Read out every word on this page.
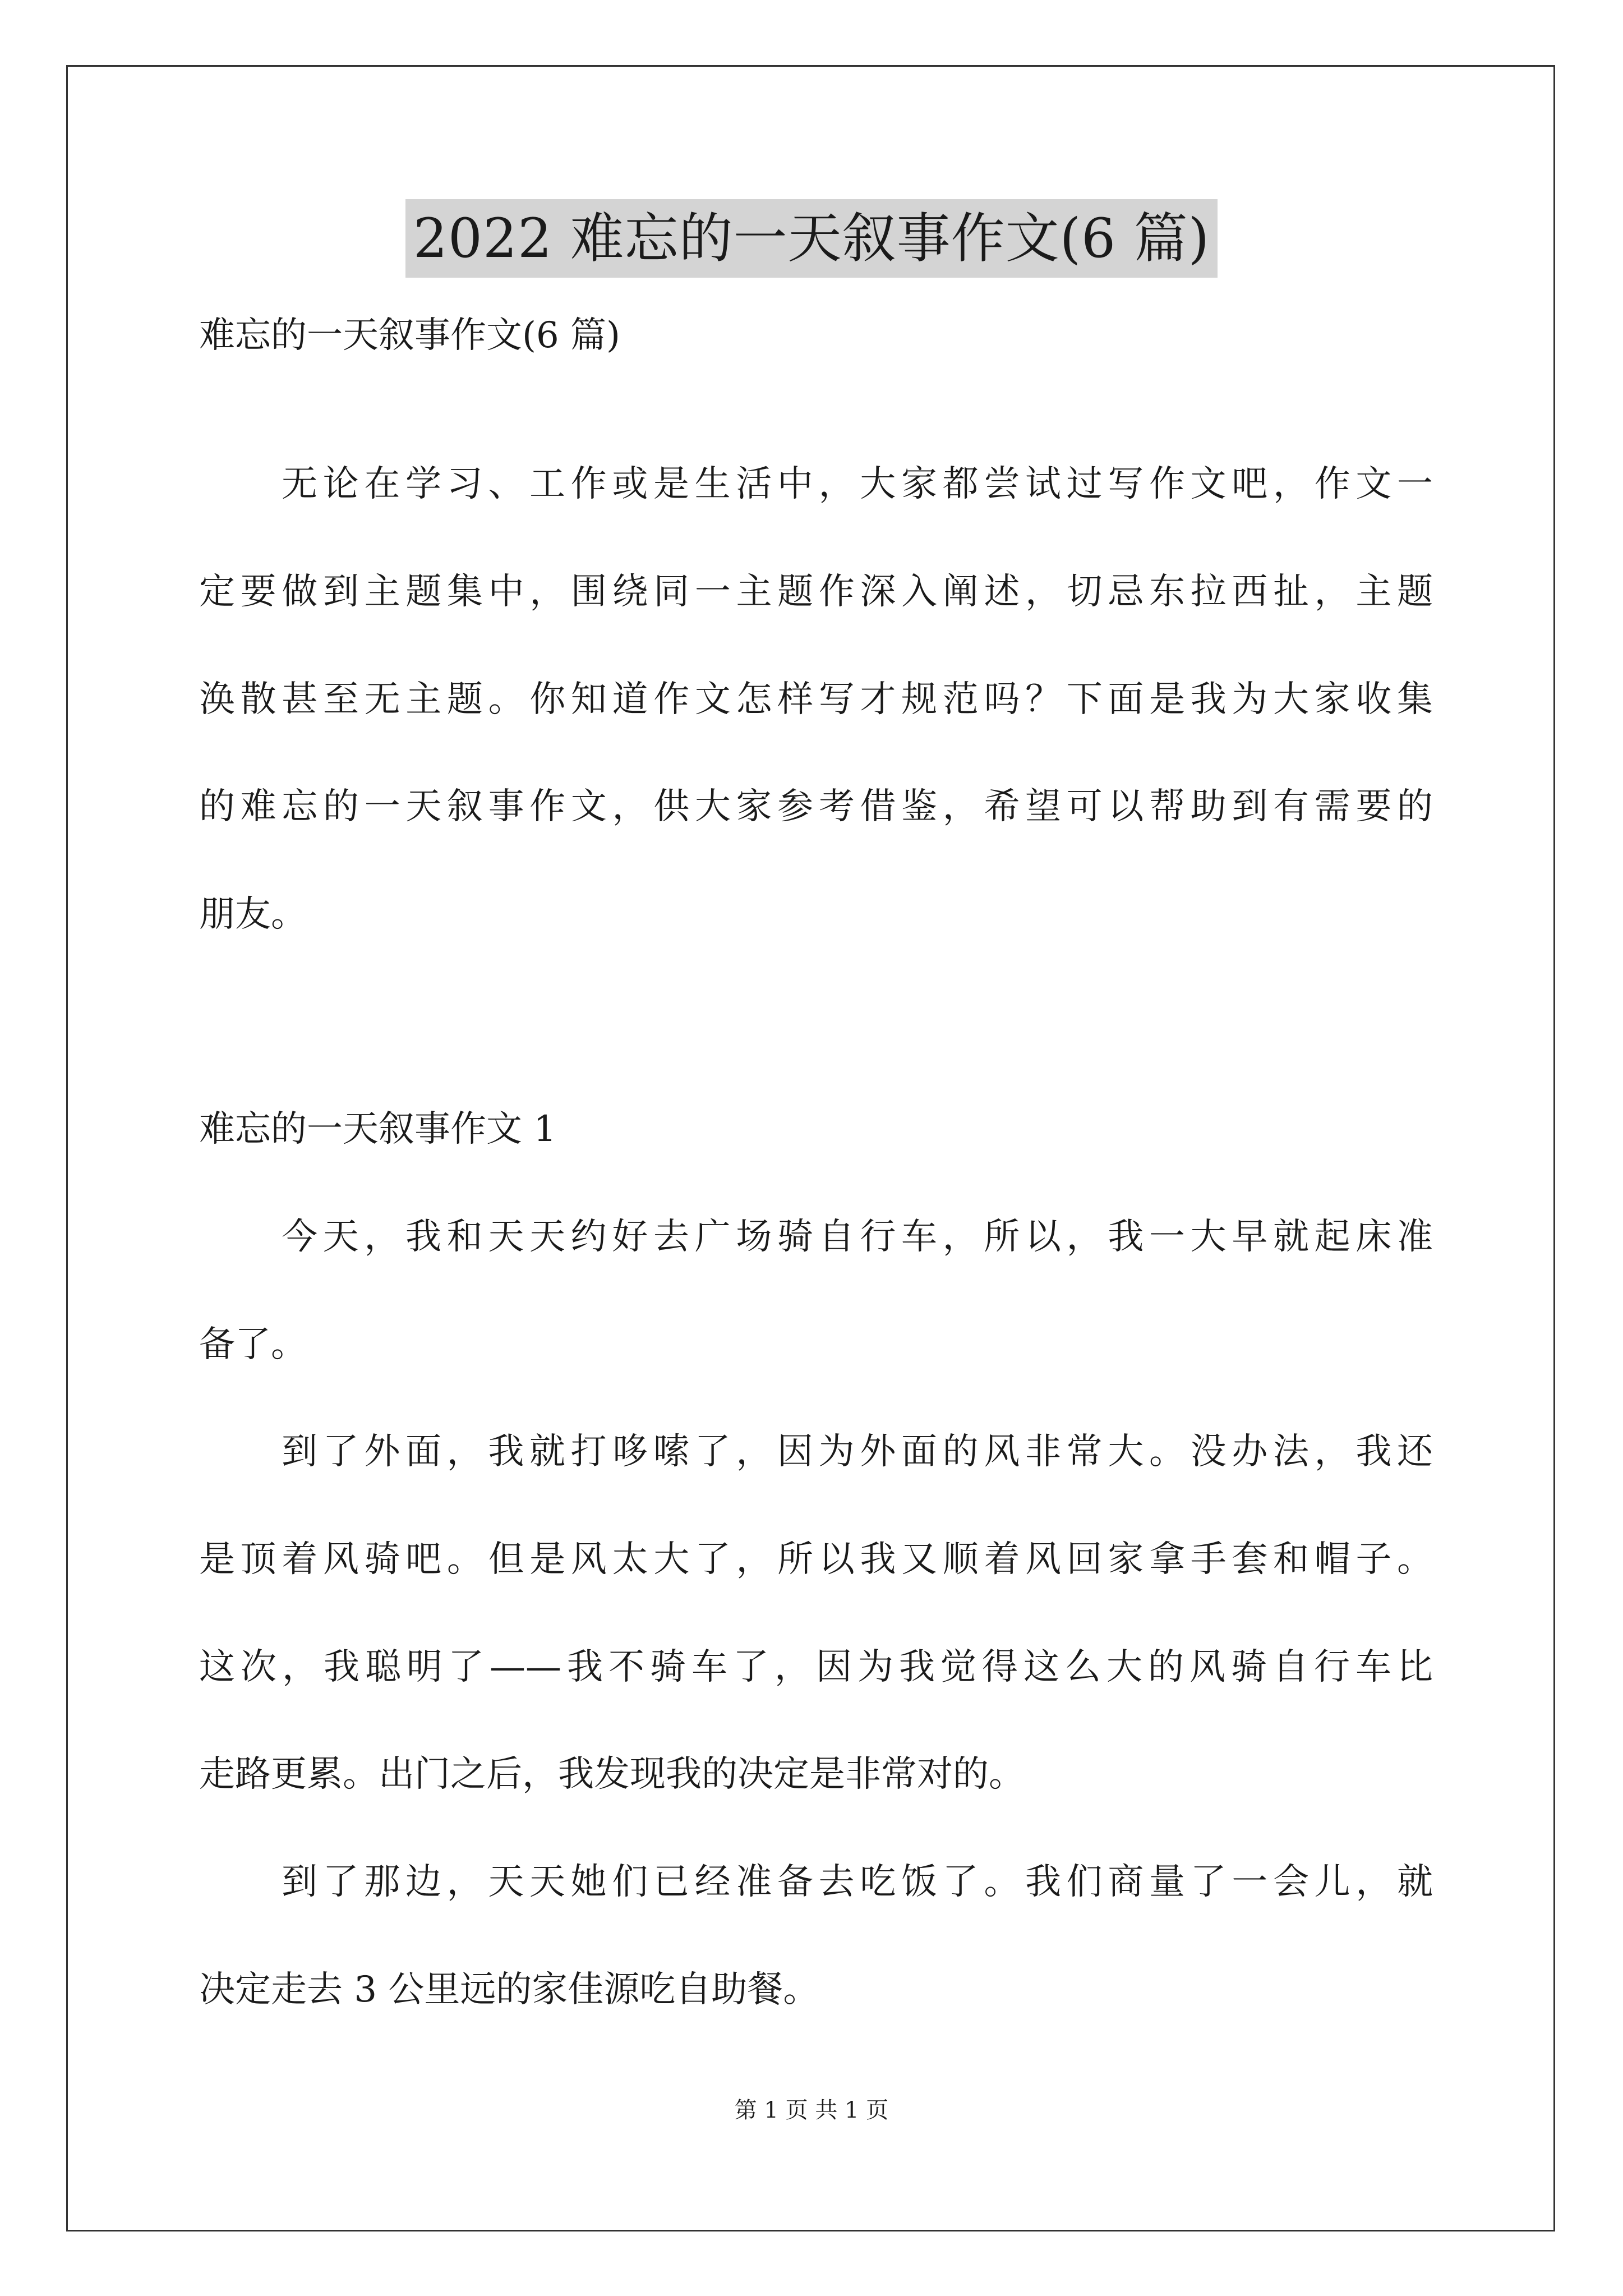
2022 难忘的一天叙事作文(6 篇)
难忘的一天叙事作文(6 篇)
无论在学习、工作或是生活中，大家都尝试过写作文吧，作文一
定要做到主题集中，围绕同一主题作深入阐述，切忌东拉西扯，主题
涣散甚至无主题。你知道作文怎样写才规范吗？下面是我为大家收集
的难忘的一天叙事作文，供大家参考借鉴，希望可以帮助到有需要的
朋友。
难忘的一天叙事作文 1
今天，我和天天约好去广场骑自行车，所以，我一大早就起床准
备了。
到了外面，我就打哆嗦了，因为外面的风非常大。没办法，我还
是顶着风骑吧。但是风太大了，所以我又顺着风回家拿手套和帽子。
这次，我聪明了——我不骑车了，因为我觉得这么大的风骑自行车比
走路更累。出门之后，我发现我的决定是非常对的。
到了那边，天天她们已经准备去吃饭了。我们商量了一会儿，就
决定走去 3 公里远的家佳源吃自助餐。
第 1 页 共 1 页
